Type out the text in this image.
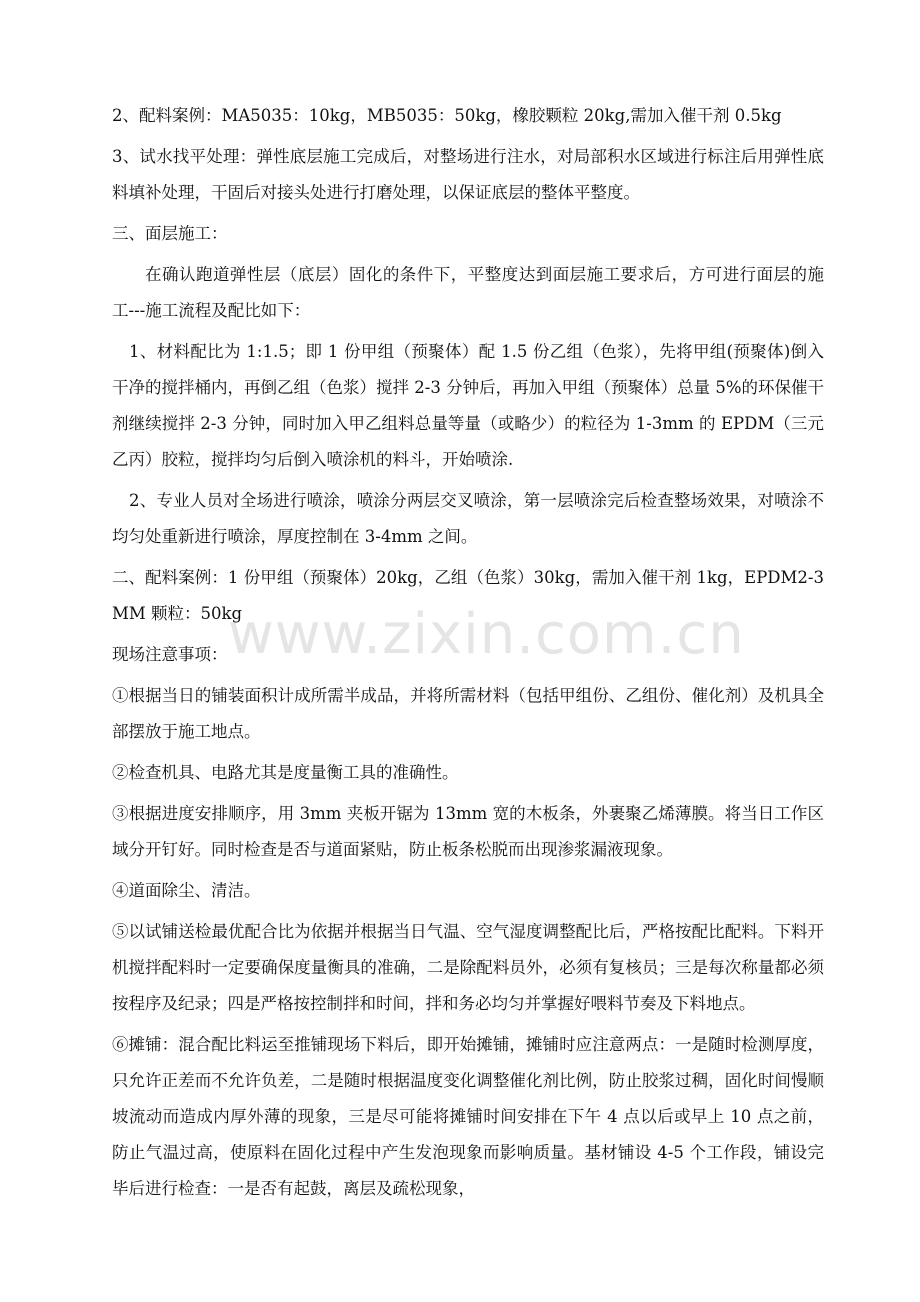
2、配料案例：MA5035：10kg，MB5035：50kg，橡胶颗粒 20kg,需加入催干剂 0.5kg

3、试水找平处理：弹性底层施工完成后，对整场进行注水，对局部积水区域进行标注后用弹性底料填补处理，干固后对接头处进行打磨处理，以保证底层的整体平整度。

三、面层施工：

在确认跑道弹性层（底层）固化的条件下，平整度达到面层施工要求后，方可进行面层的施工---施工流程及配比如下：

1、材料配比为 1:1.5；即 1 份甲组（预聚体）配 1.5 份乙组（色浆），先将甲组(预聚体)倒入干净的搅拌桶内，再倒乙组（色浆）搅拌 2-3 分钟后，再加入甲组（预聚体）总量 5%的环保催干剂继续搅拌 2-3 分钟，同时加入甲乙组料总量等量（或略少）的粒径为 1-3mm 的 EPDM（三元乙丙）胶粒，搅拌均匀后倒入喷涂机的料斗，开始喷涂.

2、专业人员对全场进行喷涂，喷涂分两层交叉喷涂，第一层喷涂完后检查整场效果，对喷涂不均匀处重新进行喷涂，厚度控制在 3-4mm 之间。

二、配料案例：1 份甲组（预聚体）20kg，乙组（色浆）30kg，需加入催干剂 1kg，EPDM2-3MM 颗粒：50kg

现场注意事项：

①根据当日的铺装面积计成所需半成品，并将所需材料（包括甲组份、乙组份、催化剂）及机具全部摆放于施工地点。

②检查机具、电路尤其是度量衡工具的准确性。

③根据进度安排顺序，用 3mm 夹板开锯为 13mm 宽的木板条，外裹聚乙烯薄膜。将当日工作区域分开钉好。同时检查是否与道面紧贴，防止板条松脱而出现渗浆漏液现象。

④道面除尘、清洁。

⑤以试铺送检最优配合比为依据并根据当日气温、空气湿度调整配比后，严格按配比配料。下料开机搅拌配料时一定要确保度量衡具的准确，二是除配料员外，必须有复核员；三是每次称量都必须按程序及纪录；四是严格按控制拌和时间，拌和务必均匀并掌握好喂料节奏及下料地点。

⑥摊铺：混合配比料运至推铺现场下料后，即开始摊铺，摊铺时应注意两点：一是随时检测厚度，只允许正差而不允许负差，二是随时根据温度变化调整催化剂比例，防止胶浆过稠，固化时间慢顺坡流动而造成内厚外薄的现象，三是尽可能将摊铺时间安排在下午 4 点以后或早上 10 点之前，防止气温过高，使原料在固化过程中产生发泡现象而影响质量。基材铺设 4-5 个工作段，铺设完毕后进行检查：一是否有起鼓，离层及疏松现象，

www.zixin.com.cn
